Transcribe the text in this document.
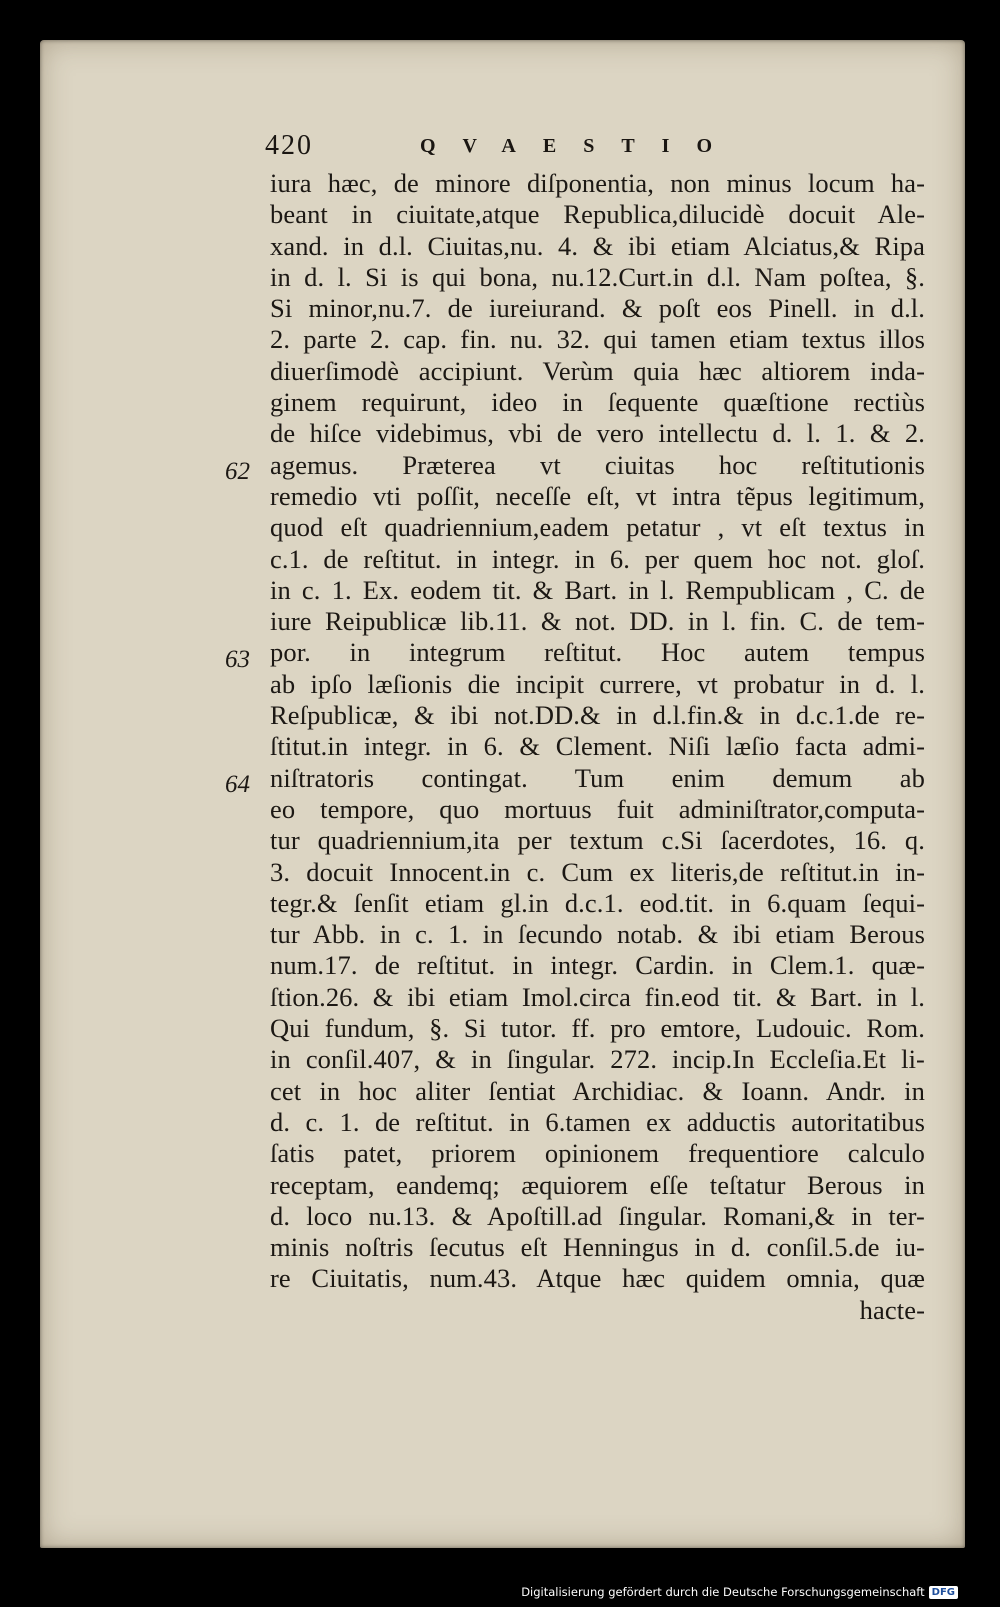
420	QVAESTIO
62
63
64
iura hæc, de minore diſponentia, non minus locum ha-
beant in ciuitate,atque Republica,dilucidè docuit Ale-
xand. in d.l. Ciuitas,nu. 4. & ibi etiam Alciatus,& Ripa
in d. l. Si is qui bona, nu.12.Curt.in d.l. Nam poſtea, §.
Si minor,nu.7. de iureiurand. & poſt eos Pinell. in d.l.
2. parte 2. cap. fin. nu. 32. qui tamen etiam textus illos
diuerſimodè accipiunt. Verùm quia hæc altiorem inda-
ginem requirunt, ideo in ſequente quæſtione rectiùs
de hiſce videbimus, vbi de vero intellectu d. l. 1. & 2.
agemus. Præterea vt ciuitas hoc reſtitutionis
remedio vti poſſit, neceſſe eſt, vt intra tẽpus legitimum,
quod eſt quadriennium,eadem petatur , vt eſt textus in
c.1. de reſtitut. in integr. in 6. per quem hoc not. gloſ.
in c. 1. Ex. eodem tit. & Bart. in l. Rempublicam , C. de
iure Reipublicæ lib.11. & not. DD. in l. fin. C. de tem-
por. in integrum reſtitut. Hoc autem tempus
ab ipſo læſionis die incipit currere, vt probatur in d. l.
Reſpublicæ, & ibi not.DD.& in d.l.fin.& in d.c.1.de re-
ſtitut.in integr. in 6. & Clement. Niſi læſio facta admi-
niſtratoris contingat. Tum enim demum ab
eo tempore, quo mortuus fuit adminiſtrator,computa-
tur quadriennium,ita per textum c.Si ſacerdotes, 16. q.
3. docuit Innocent.in c. Cum ex literis,de reſtitut.in in-
tegr.& ſenſit etiam gl.in d.c.1. eod.tit. in 6.quam ſequi-
tur Abb. in c. 1. in ſecundo notab. & ibi etiam Berous
num.17. de reſtitut. in integr. Cardin. in Clem.1. quæ-
ſtion.26. & ibi etiam Imol.circa fin.eod tit. & Bart. in l.
Qui fundum, §. Si tutor. ff. pro emtore, Ludouic. Rom.
in conſil.407, & in ſingular. 272. incip.In Eccleſia.Et li-
cet in hoc aliter ſentiat Archidiac. & Ioann. Andr. in
d. c. 1. de reſtitut. in 6.tamen ex adductis autoritatibus
ſatis patet, priorem opinionem frequentiore calculo
receptam, eandemq; æquiorem eſſe teſtatur Berous in
d. loco nu.13. & Apoſtill.ad ſingular. Romani,& in ter-
minis noſtris ſecutus eſt Henningus in d. conſil.5.de iu-
re Ciuitatis, num.43. Atque hæc quidem omnia, quæ
hacte-
Digitalisierung gefördert durch die Deutsche Forschungsgemeinschaft DFG
